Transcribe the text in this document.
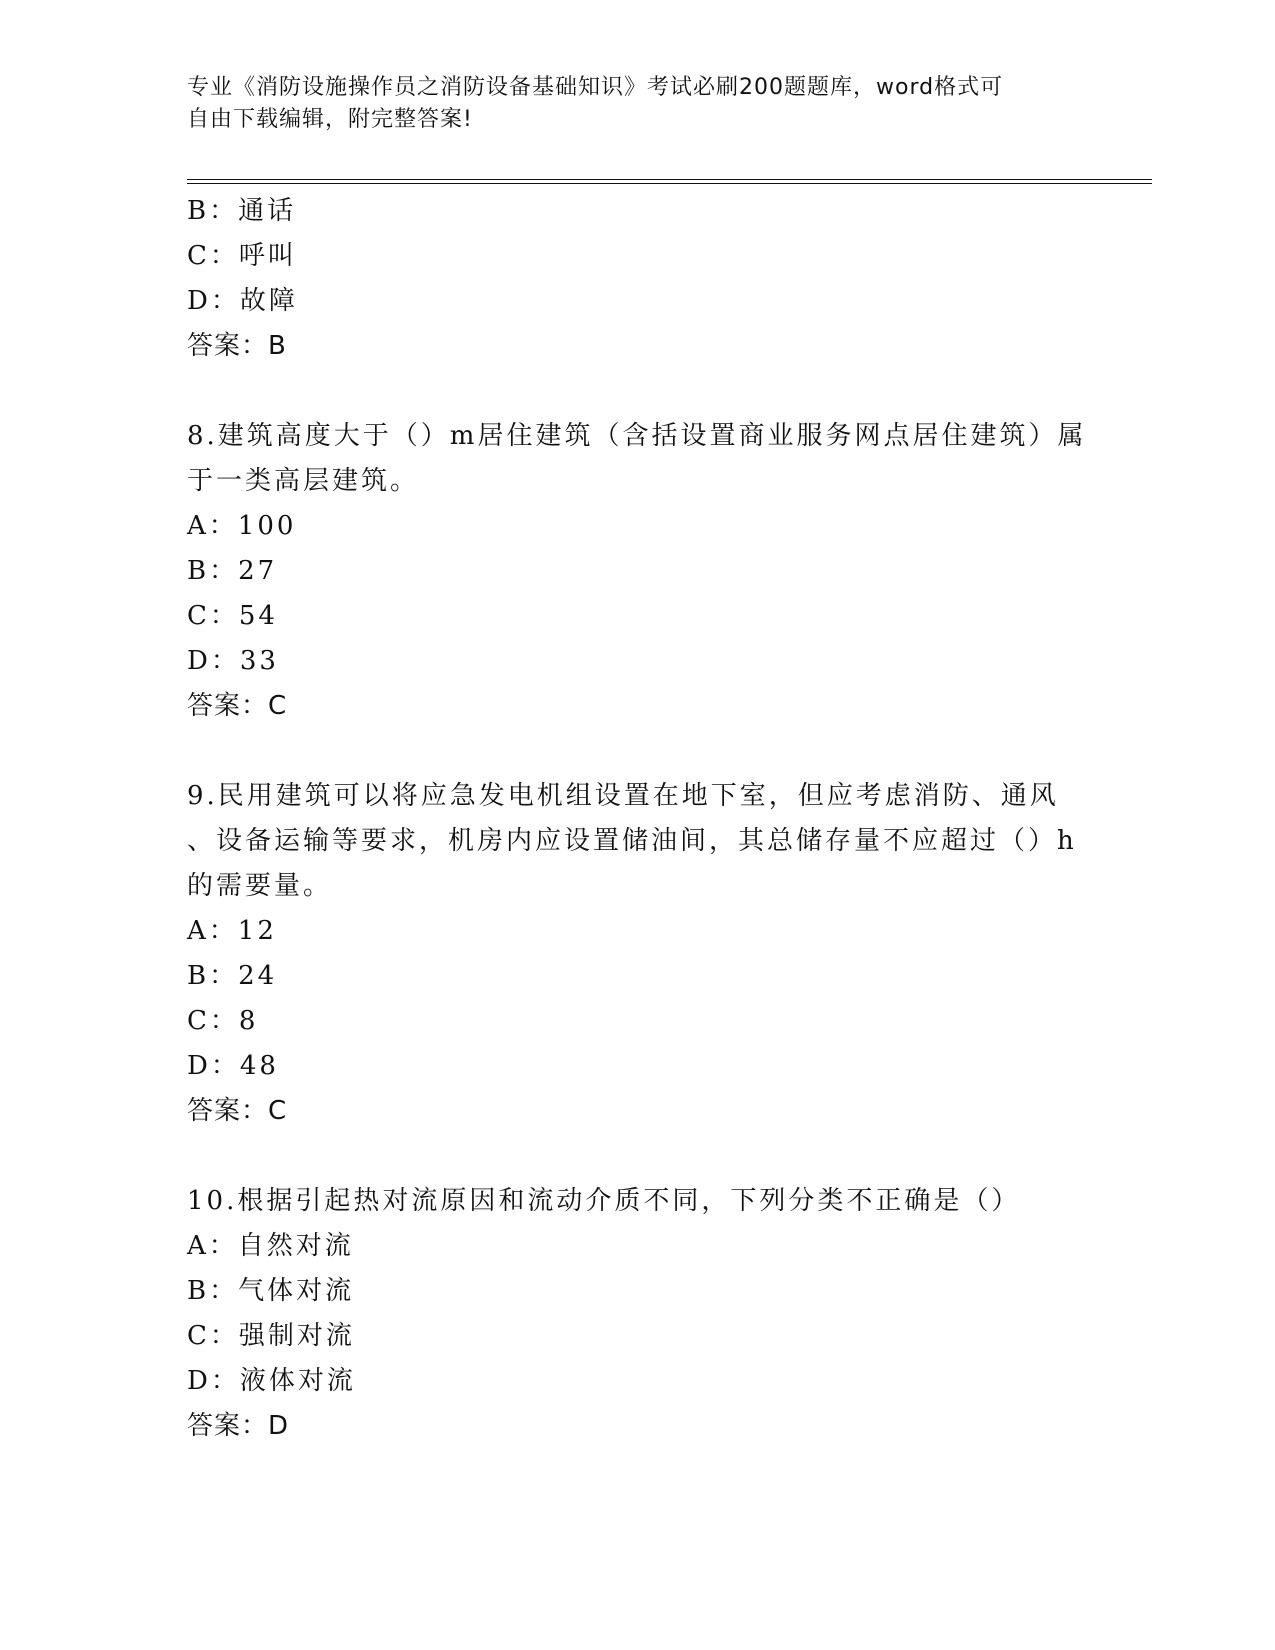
专业《消防设施操作员之消防设备基础知识》考试必刷200题题库，word格式可
自由下载编辑，附完整答案!
B：通话
C：呼叫
D：故障
答案：B
8.建筑高度大于（）m居住建筑（含括设置商业服务网点居住建筑）属
于一类高层建筑。
A：100
B：27
C：54
D：33
答案：C
9.民用建筑可以将应急发电机组设置在地下室，但应考虑消防、通风
、设备运输等要求，机房内应设置储油间，其总储存量不应超过（）h
的需要量。
A：12
B：24
C：8
D：48
答案：C
10.根据引起热对流原因和流动介质不同，下列分类不正确是（）
A：自然对流
B：气体对流
C：强制对流
D：液体对流
答案：D
